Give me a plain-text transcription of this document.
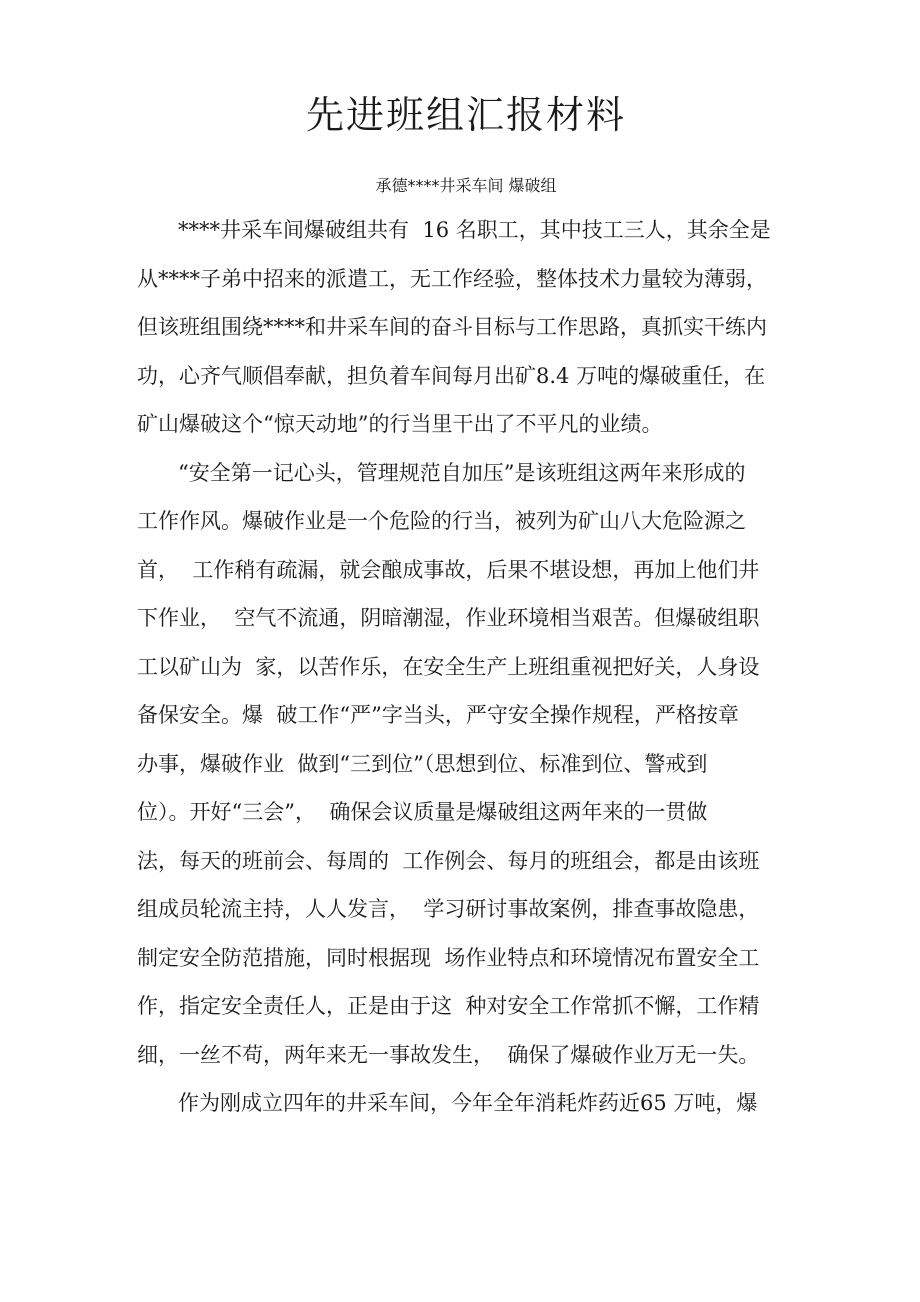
先进班组汇报材料
承德****井采车间 爆破组
****井采车间爆破组共有  16 名职工，其中技工三人，其余全是
从****子弟中招来的派遣工，无工作经验，整体技术力量较为薄弱，
但该班组围绕****和井采车间的奋斗目标与工作思路，真抓实干练内
功，心齐气顺倡奉献，担负着车间每月出矿8.4 万吨的爆破重任，在
矿山爆破这个“惊天动地”的行当里干出了不平凡的业绩。
“安全第一记心头，管理规范自加压”是该班组这两年来形成的
工作作风。爆破作业是一个危险的行当，被列为矿山八大危险源之
首，  工作稍有疏漏，就会酿成事故，后果不堪设想，再加上他们井
下作业，  空气不流通，阴暗潮湿，作业环境相当艰苦。但爆破组职
工以矿山为  家，以苦作乐，在安全生产上班组重视把好关，人身设
备保安全。爆  破工作“严”字当头，严守安全操作规程，严格按章
办事，爆破作业  做到“三到位”（思想到位、标准到位、警戒到
位）。开好“三会”，  确保会议质量是爆破组这两年来的一贯做
法，每天的班前会、每周的  工作例会、每月的班组会，都是由该班
组成员轮流主持，人人发言，  学习研讨事故案例，排查事故隐患，
制定安全防范措施，同时根据现  场作业特点和环境情况布置安全工
作，指定安全责任人，正是由于这  种对安全工作常抓不懈，工作精
细，一丝不苟，两年来无一事故发生，  确保了爆破作业万无一失。
作为刚成立四年的井采车间，今年全年消耗炸药近65 万吨，爆
